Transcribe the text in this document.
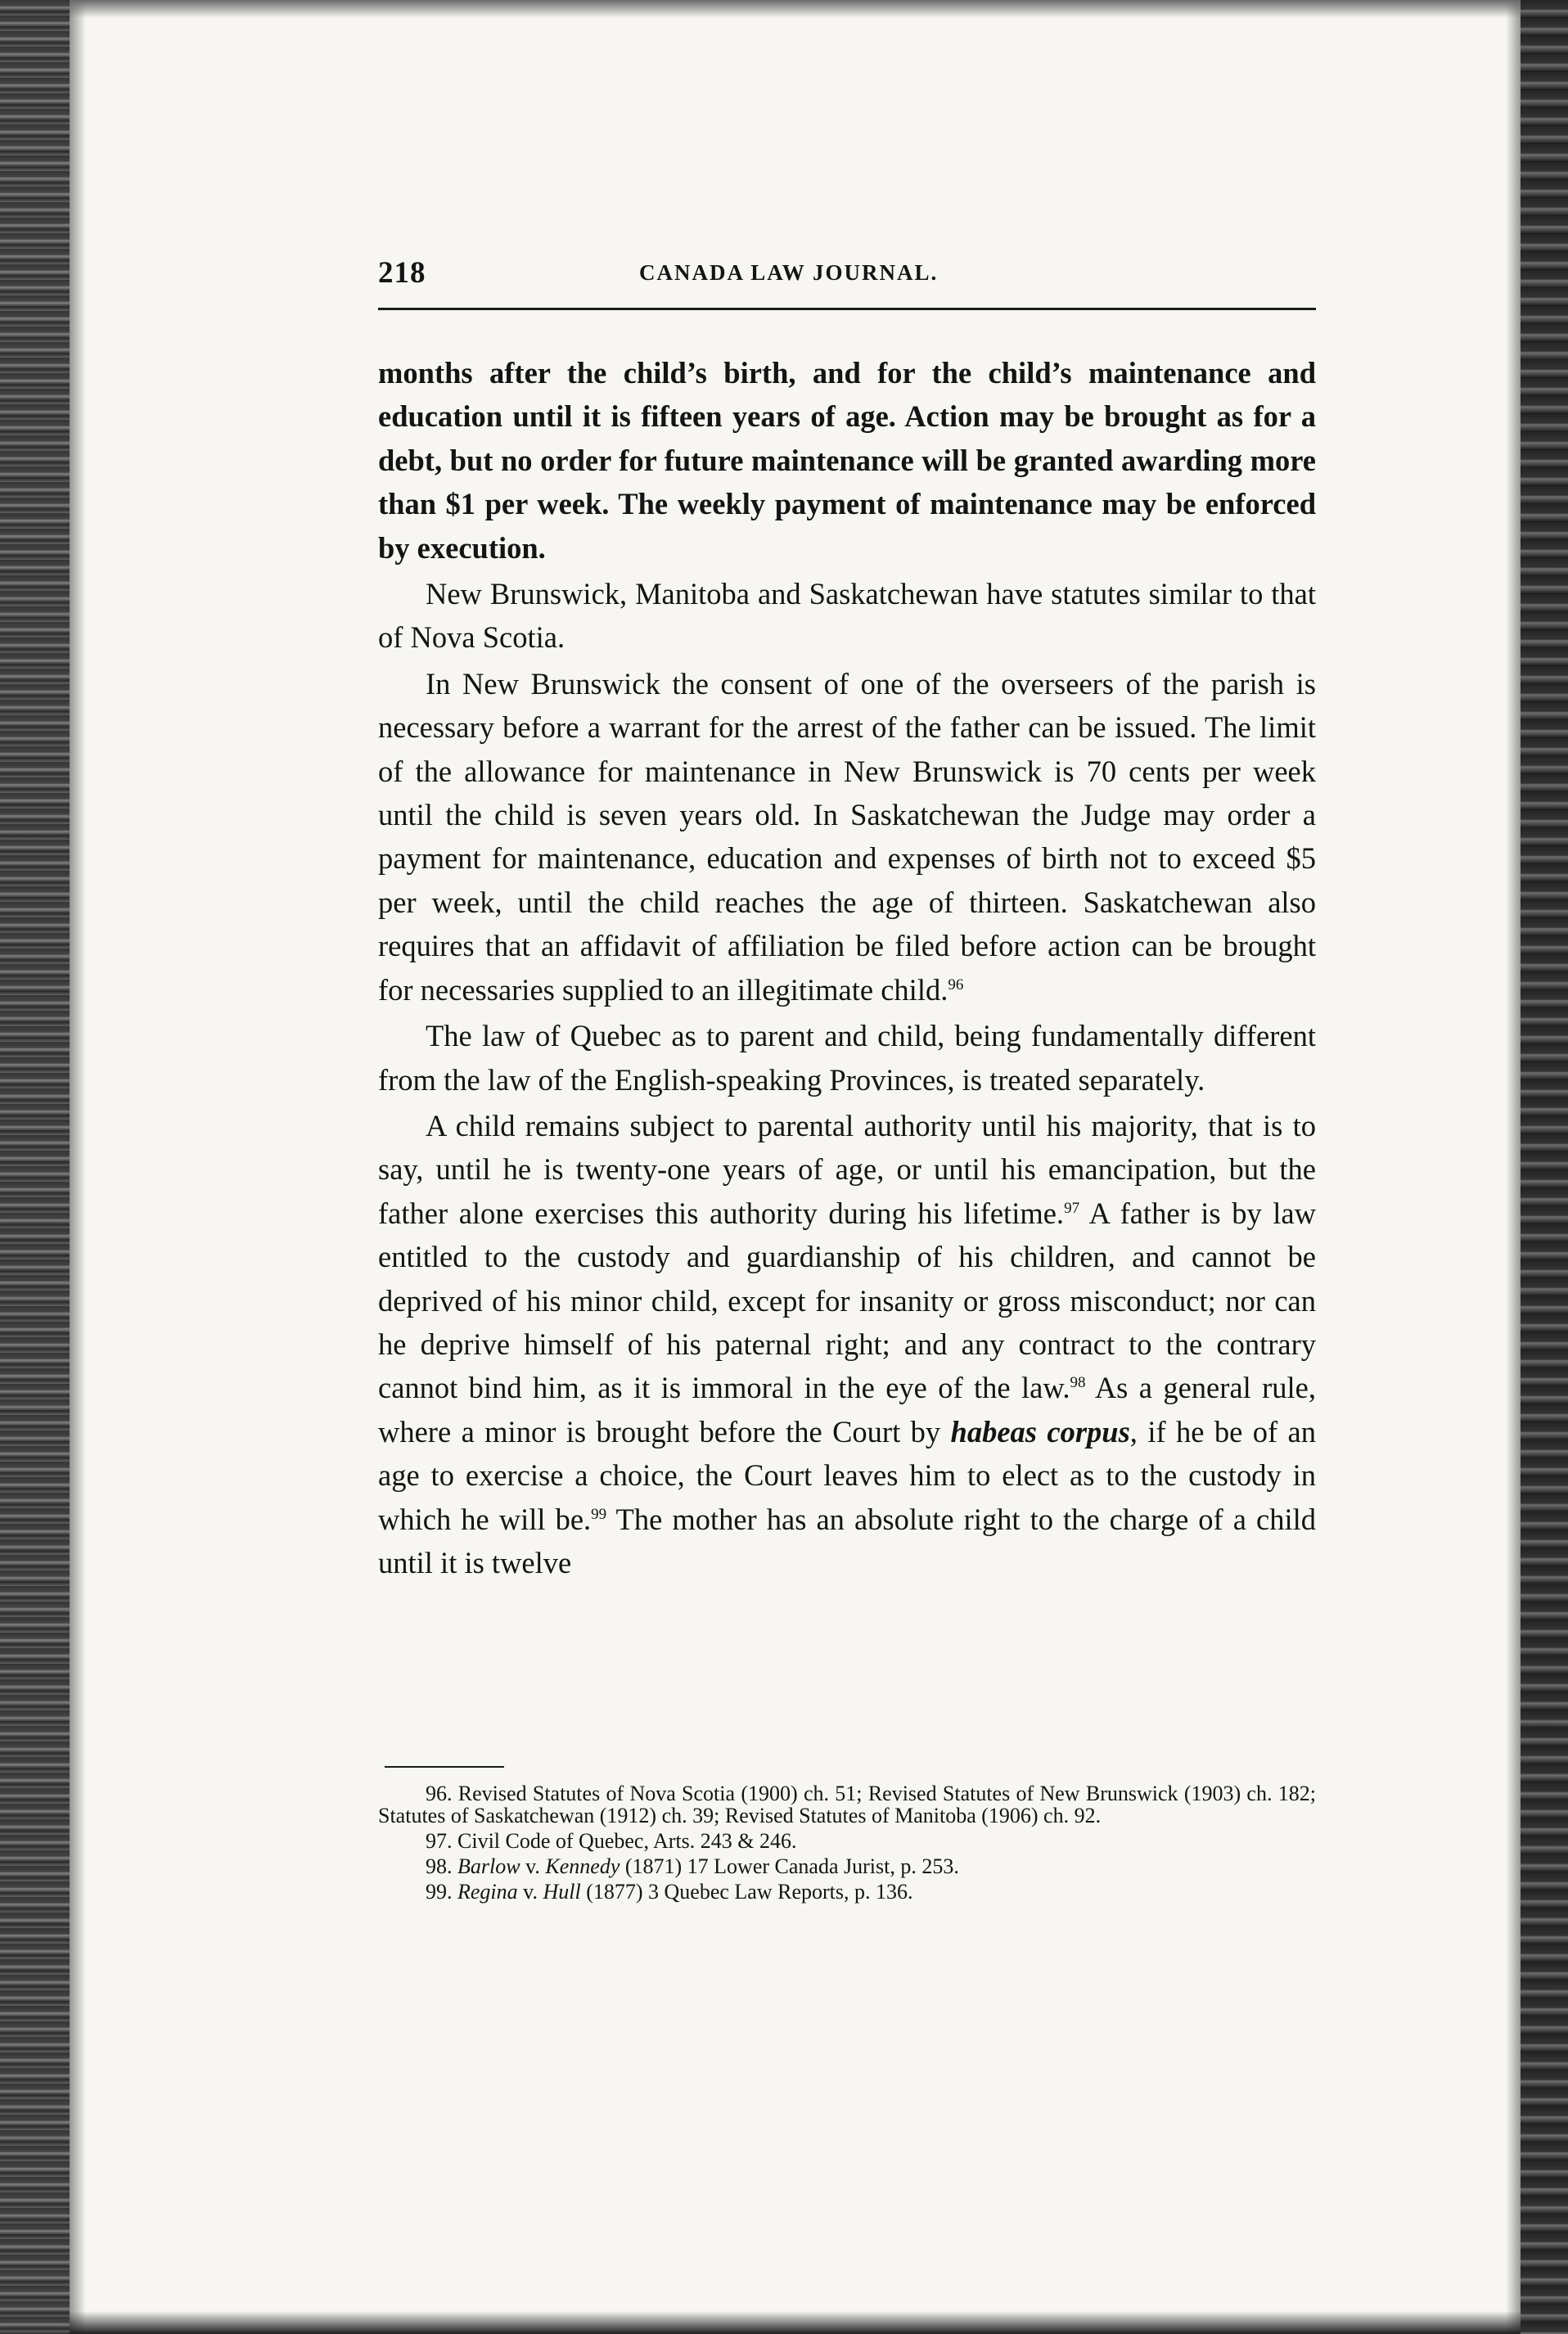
218	CANADA LAW JOURNAL.

months after the child’s birth, and for the child’s maintenance and education until it is fifteen years of age. Action may be brought as for a debt, but no order for future maintenance will be granted awarding more than $1 per week. The weekly payment of maintenance may be enforced by execution.

New Brunswick, Manitoba and Saskatchewan have statutes similar to that of Nova Scotia.

In New Brunswick the consent of one of the overseers of the parish is necessary before a warrant for the arrest of the father can be issued. The limit of the allowance for maintenance in New Brunswick is 70 cents per week until the child is seven years old. In Saskatchewan the Judge may order a payment for maintenance, education and expenses of birth not to exceed $5 per week, until the child reaches the age of thirteen. Saskatchewan also requires that an affidavit of affiliation be filed before action can be brought for necessaries supplied to an illegitimate child.$^{96}$

The law of Quebec as to parent and child, being fundamentally different from the law of the English-speaking Provinces, is treated separately.

A child remains subject to parental authority until his majority, that is to say, until he is twenty-one years of age, or until his emancipation, but the father alone exercises this authority during his lifetime.$^{97}$ A father is by law entitled to the custody and guardianship of his children, and cannot be deprived of his minor child, except for insanity or gross misconduct; nor can he deprive himself of his paternal right; and any contract to the contrary cannot bind him, as it is immoral in the eye of the law.$^{98}$ As a general rule, where a minor is brought before the Court by habeas corpus, if he be of an age to exercise a choice, the Court leaves him to elect as to the custody in which he will be.$^{99}$ The mother has an absolute right to the charge of a child until it is twelve

96. Revised Statutes of Nova Scotia (1900) ch. 51; Revised Statutes of New Brunswick (1903) ch. 182; Statutes of Saskatchewan (1912) ch. 39; Revised Statutes of Manitoba (1906) ch. 92.

97. Civil Code of Quebec, Arts. 243 & 246.

98. Barlow v. Kennedy (1871) 17 Lower Canada Jurist, p. 253.

99. Regina v. Hull (1877) 3 Quebec Law Reports, p. 136.
